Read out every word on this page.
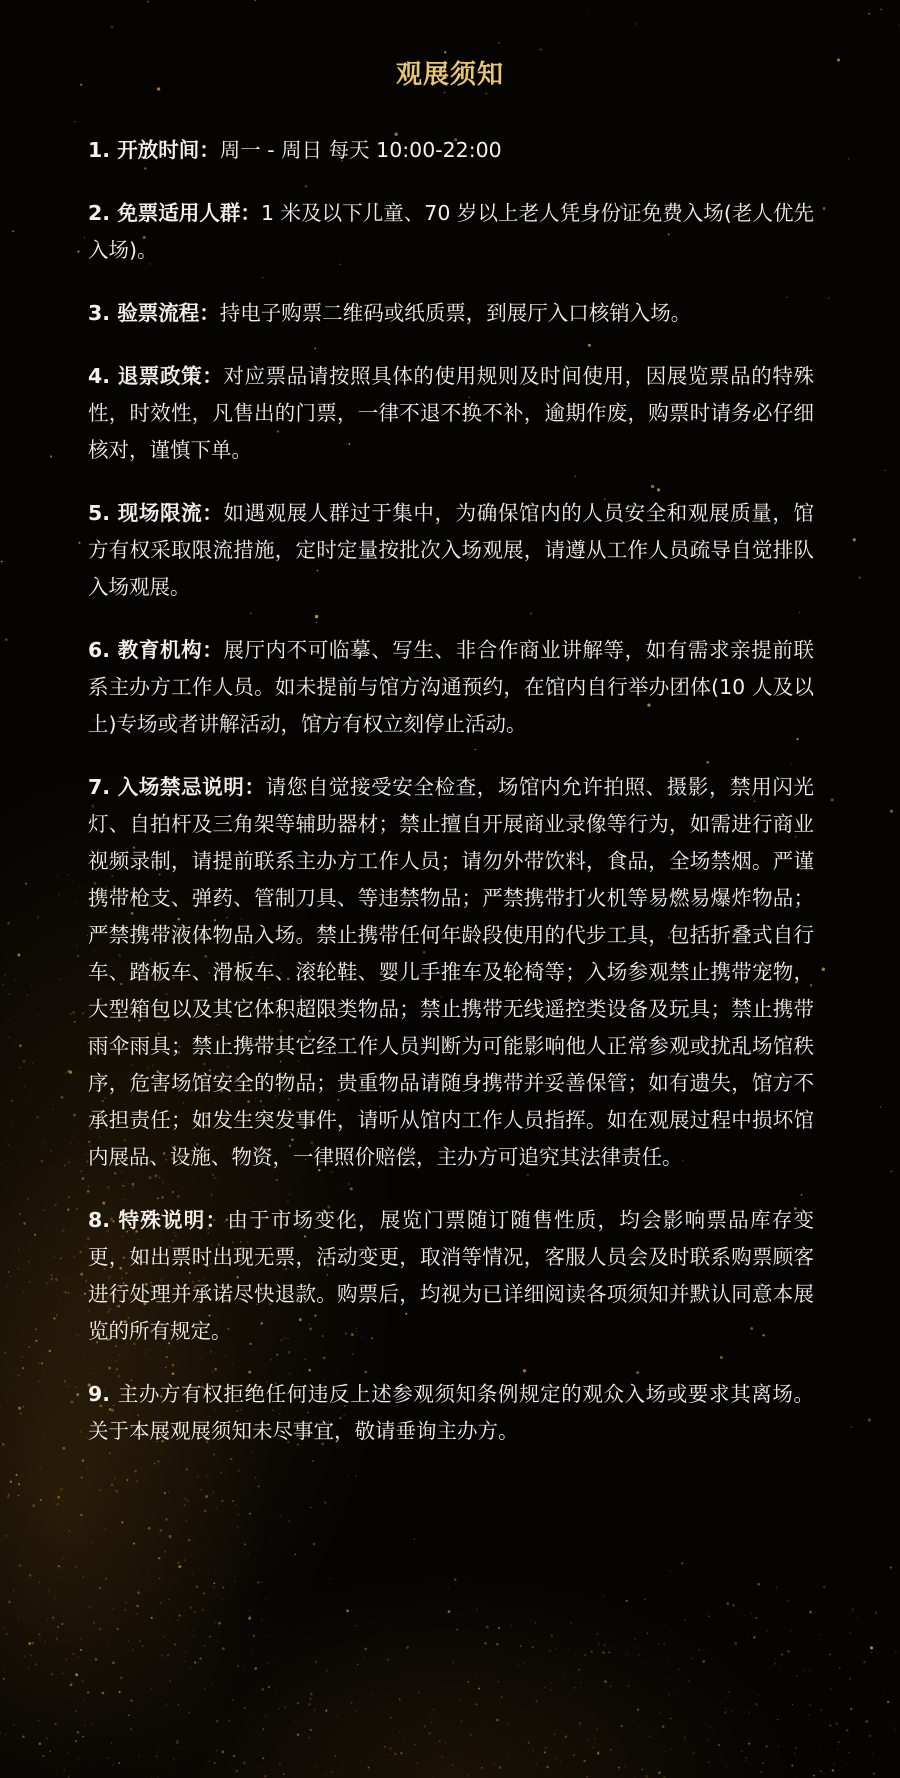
观展须知

1. 开放时间：周一 - 周日 每天 10:00-22:00

2. 免票适用人群：1 米及以下儿童、70 岁以上老人凭身份证免费入场(老人优先入场)。

3. 验票流程：持电子购票二维码或纸质票，到展厅入口核销入场。

4. 退票政策：对应票品请按照具体的使用规则及时间使用，因展览票品的特殊性，时效性，凡售出的门票，一律不退不换不补，逾期作废，购票时请务必仔细核对，谨慎下单。

5. 现场限流：如遇观展人群过于集中，为确保馆内的人员安全和观展质量，馆方有权采取限流措施，定时定量按批次入场观展，请遵从工作人员疏导自觉排队入场观展。

6. 教育机构：展厅内不可临摹、写生、非合作商业讲解等，如有需求亲提前联系主办方工作人员。如未提前与馆方沟通预约，在馆内自行举办团体(10 人及以上)专场或者讲解活动，馆方有权立刻停止活动。

7. 入场禁忌说明：请您自觉接受安全检查，场馆内允许拍照、摄影，禁用闪光灯、自拍杆及三角架等辅助器材；禁止擅自开展商业录像等行为，如需进行商业视频录制，请提前联系主办方工作人员；请勿外带饮料，食品，全场禁烟。严谨携带枪支、弹药、管制刀具、等违禁物品；严禁携带打火机等易燃易爆炸物品；严禁携带液体物品入场。禁止携带任何年龄段使用的代步工具，包括折叠式自行车、踏板车、滑板车、滚轮鞋、婴儿手推车及轮椅等；入场参观禁止携带宠物，大型箱包以及其它体积超限类物品；禁止携带无线遥控类设备及玩具；禁止携带雨伞雨具；禁止携带其它经工作人员判断为可能影响他人正常参观或扰乱场馆秩序，危害场馆安全的物品；贵重物品请随身携带并妥善保管；如有遗失，馆方不承担责任；如发生突发事件，请听从馆内工作人员指挥。如在观展过程中损坏馆内展品、设施、物资，一律照价赔偿，主办方可追究其法律责任。

8. 特殊说明：由于市场变化，展览门票随订随售性质，均会影响票品库存变更，如出票时出现无票，活动变更，取消等情况，客服人员会及时联系购票顾客进行处理并承诺尽快退款。购票后，均视为已详细阅读各项须知并默认同意本展览的所有规定。

9. 主办方有权拒绝任何违反上述参观须知条例规定的观众入场或要求其离场。关于本展观展须知未尽事宜，敬请垂询主办方。
